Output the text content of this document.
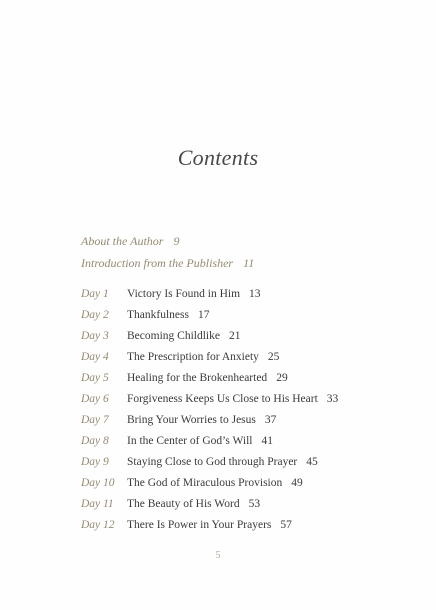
Contents
About the Author 9
Introduction from the Publisher 11
Day 1 Victory Is Found in Him 13
Day 2 Thankfulness 17
Day 3 Becoming Childlike 21
Day 4 The Prescription for Anxiety 25
Day 5 Healing for the Brokenhearted 29
Day 6 Forgiveness Keeps Us Close to His Heart 33
Day 7 Bring Your Worries to Jesus 37
Day 8 In the Center of God’s Will 41
Day 9 Staying Close to God through Prayer 45
Day 10 The God of Miraculous Provision 49
Day 11 The Beauty of His Word 53
Day 12 There Is Power in Your Prayers 57
5
